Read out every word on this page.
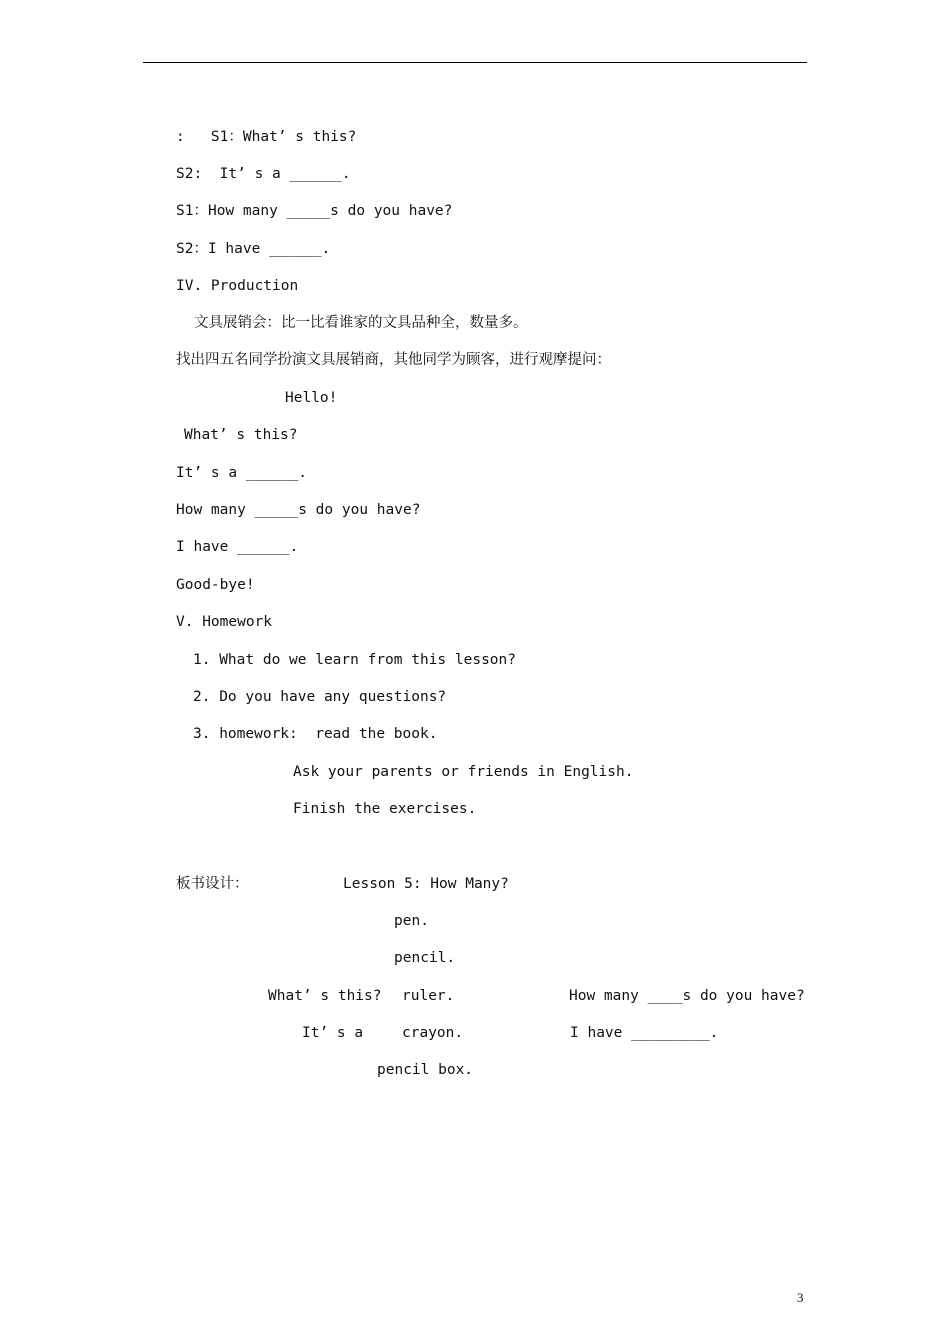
:   S1：What’ s this?
S2:  It’ s a ______.
S1：How many _____s do you have?
S2：I have ______.
IV. Production
文具展销会：比一比看谁家的文具品种全，数量多。
找出四五名同学扮演文具展销商，其他同学为顾客，进行观摩提问：
Hello!
What’ s this?
It’ s a ______.
How many _____s do you have?
I have ______.
Good-bye!
V. Homework
1. What do we learn from this lesson?
2. Do you have any questions?
3. homework:  read the book.
Ask your parents or friends in English.
Finish the exercises.
板书设计：	Lesson 5: How Many?
pen.
pencil.
What’ s this? ruler.	How many ____s do you have?
It’ s a	crayon.	I have _________.
pencil box.
3
